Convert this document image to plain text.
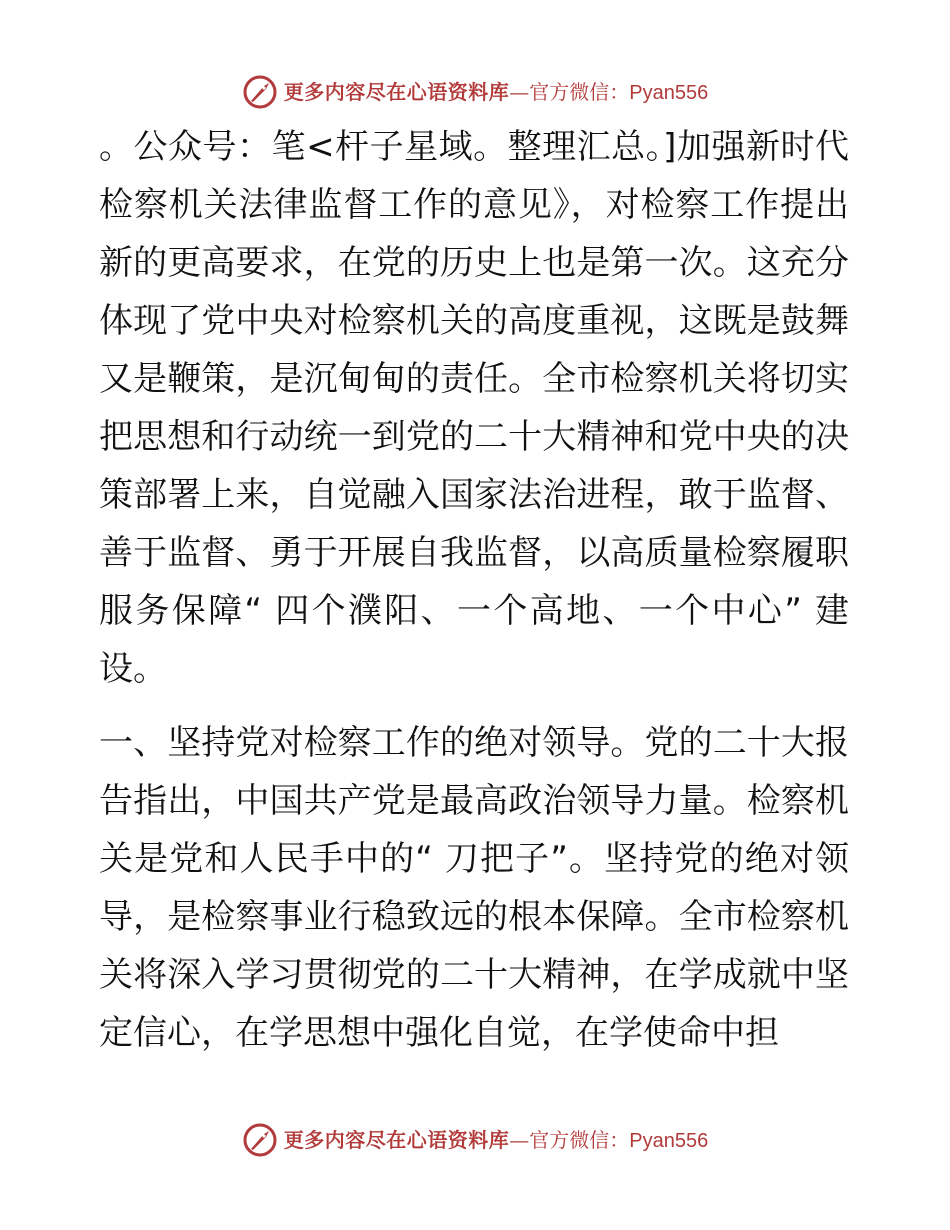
更多内容尽在心语资料库—官方微信：Pyan556

。公众号：笔<杆子星域。整理汇总。]加强新时代检察机关法律监督工作的意见》，对检察工作提出新的更高要求，在党的历史上也是第一次。这充分体现了党中央对检察机关的高度重视，这既是鼓舞又是鞭策，是沉甸甸的责任。全市检察机关将切实把思想和行动统一到党的二十大精神和党中央的决策部署上来，自觉融入国家法治进程，敢于监督、善于监督、勇于开展自我监督，以高质量检察履职服务保障“ 四个濮阳、一个高地、一个中心” 建设。

一、坚持党对检察工作的绝对领导。党的二十大报告指出，中国共产党是最高政治领导力量。检察机关是党和人民手中的“ 刀把子”。坚持党的绝对领导，是检察事业行稳致远的根本保障。全市检察机关将深入学习贯彻党的二十大精神，在学成就中坚定信心，在学思想中强化自觉，在学使命中担

更多内容尽在心语资料库—官方微信：Pyan556
